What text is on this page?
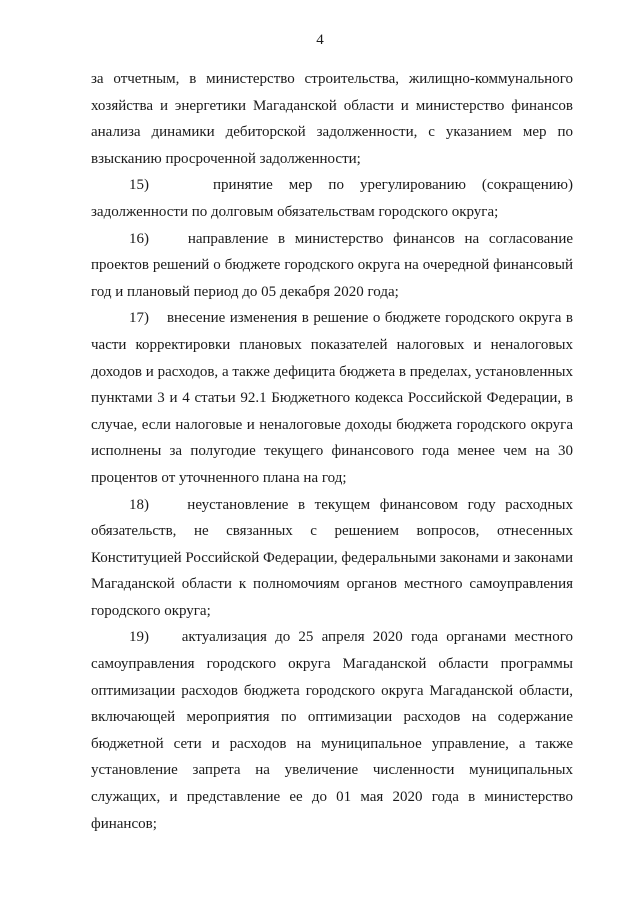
4

за отчетным, в министерство строительства, жилищно-коммунального хозяйства и энергетики Магаданской области и министерство финансов анализа динамики дебиторской задолженности, с указанием мер по взысканию просроченной задолженности;

15)	принятие мер по урегулированию (сокращению) задолженности по долговым обязательствам городского округа;

16)	направление в министерство финансов на согласование проектов решений о бюджете городского округа на очередной финансовый год и плановый период до 05 декабря 2020 года;

17) внесение изменения в решение о бюджете городского округа в части корректировки плановых показателей налоговых и неналоговых доходов и расходов, а также дефицита бюджета в пределах, установленных пунктами 3 и 4 статьи 92.1 Бюджетного кодекса Российской Федерации, в случае, если налоговые и неналоговые доходы бюджета городского округа исполнены за полугодие текущего финансового года менее чем на 30 процентов от уточненного плана на год;

18)	неустановление в текущем финансовом году расходных обязательств, не связанных с решением вопросов, отнесенных Конституцией Российской Федерации, федеральными законами и законами Магаданской области к полномочиям органов местного самоуправления городского округа;

19) актуализация до 25 апреля 2020 года органами местного самоуправления городского округа Магаданской области программы оптимизации расходов бюджета городского округа Магаданской области, включающей мероприятия по оптимизации расходов на содержание бюджетной сети и расходов на муниципальное управление, а также установление запрета на увеличение численности муниципальных служащих, и представление ее до 01 мая 2020 года в министерство финансов;
